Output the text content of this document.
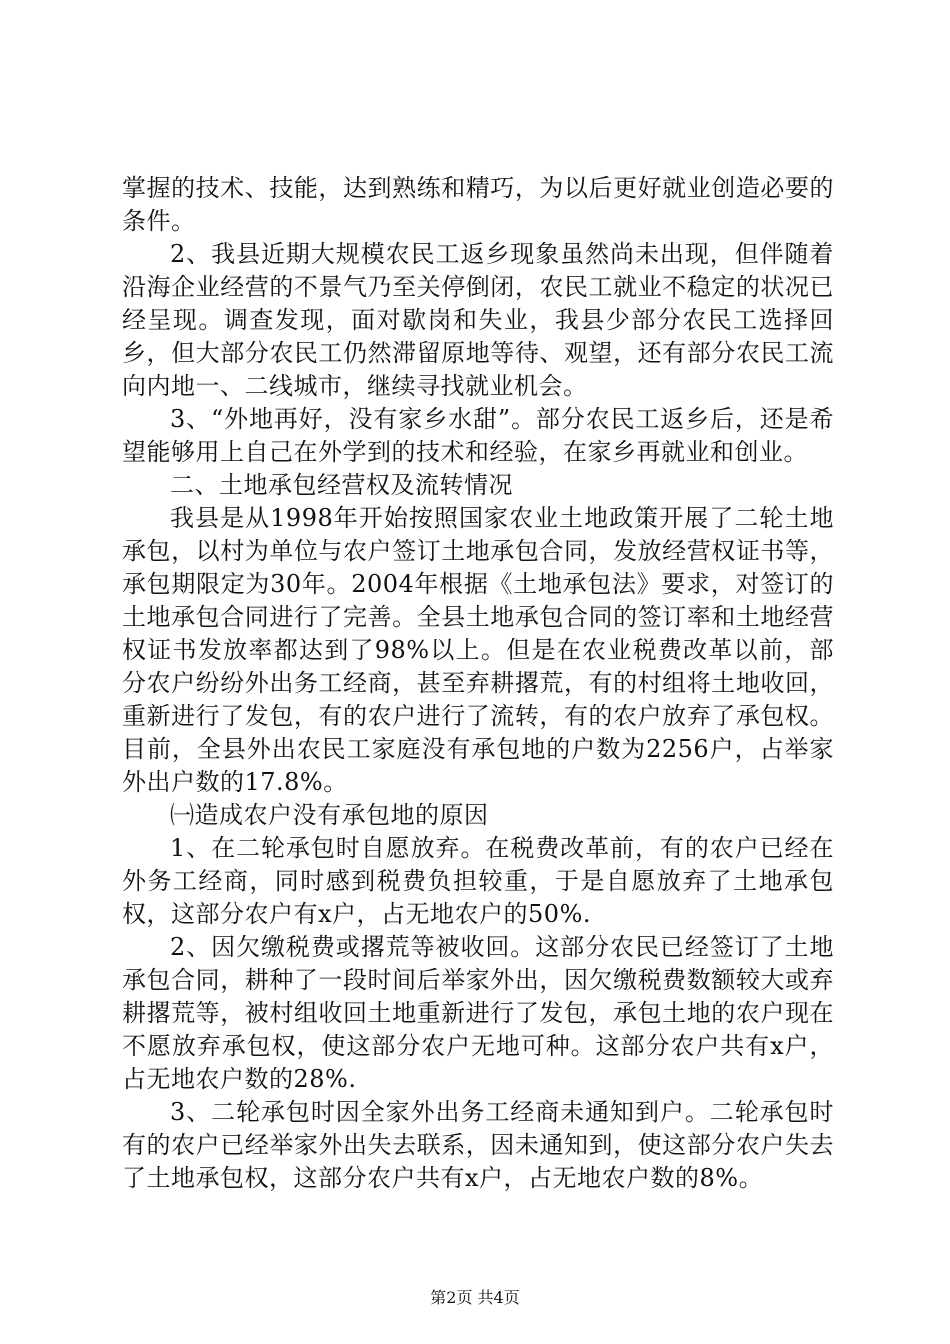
掌握的技术、技能，达到熟练和精巧，为以后更好就业创造必要的条件。

2、我县近期大规模农民工返乡现象虽然尚未出现，但伴随着沿海企业经营的不景气乃至关停倒闭，农民工就业不稳定的状况已经呈现。调查发现，面对歇岗和失业，我县少部分农民工选择回乡，但大部分农民工仍然滞留原地等待、观望，还有部分农民工流向内地一、二线城市，继续寻找就业机会。

3、“外地再好，没有家乡水甜”。部分农民工返乡后，还是希望能够用上自己在外学到的技术和经验，在家乡再就业和创业。

二、土地承包经营权及流转情况

我县是从1998年开始按照国家农业土地政策开展了二轮土地承包，以村为单位与农户签订土地承包合同，发放经营权证书等，承包期限定为30年。2004年根据《土地承包法》要求，对签订的土地承包合同进行了完善。全县土地承包合同的签订率和土地经营权证书发放率都达到了98%以上。但是在农业税费改革以前，部分农户纷纷外出务工经商，甚至弃耕撂荒，有的村组将土地收回，重新进行了发包，有的农户进行了流转，有的农户放弃了承包权。目前，全县外出农民工家庭没有承包地的户数为2256户，占举家外出户数的17.8%。

㈠造成农户没有承包地的原因

1、在二轮承包时自愿放弃。在税费改革前，有的农户已经在外务工经商，同时感到税费负担较重，于是自愿放弃了土地承包权，这部分农户有x户，占无地农户的50%.

2、因欠缴税费或撂荒等被收回。这部分农民已经签订了土地承包合同，耕种了一段时间后举家外出，因欠缴税费数额较大或弃耕撂荒等，被村组收回土地重新进行了发包，承包土地的农户现在不愿放弃承包权，使这部分农户无地可种。这部分农户共有x户，占无地农户数的28%.

3、二轮承包时因全家外出务工经商未通知到户。二轮承包时有的农户已经举家外出失去联系，因未通知到，使这部分农户失去了土地承包权，这部分农户共有x户，占无地农户数的8%。

第2页 共4页
